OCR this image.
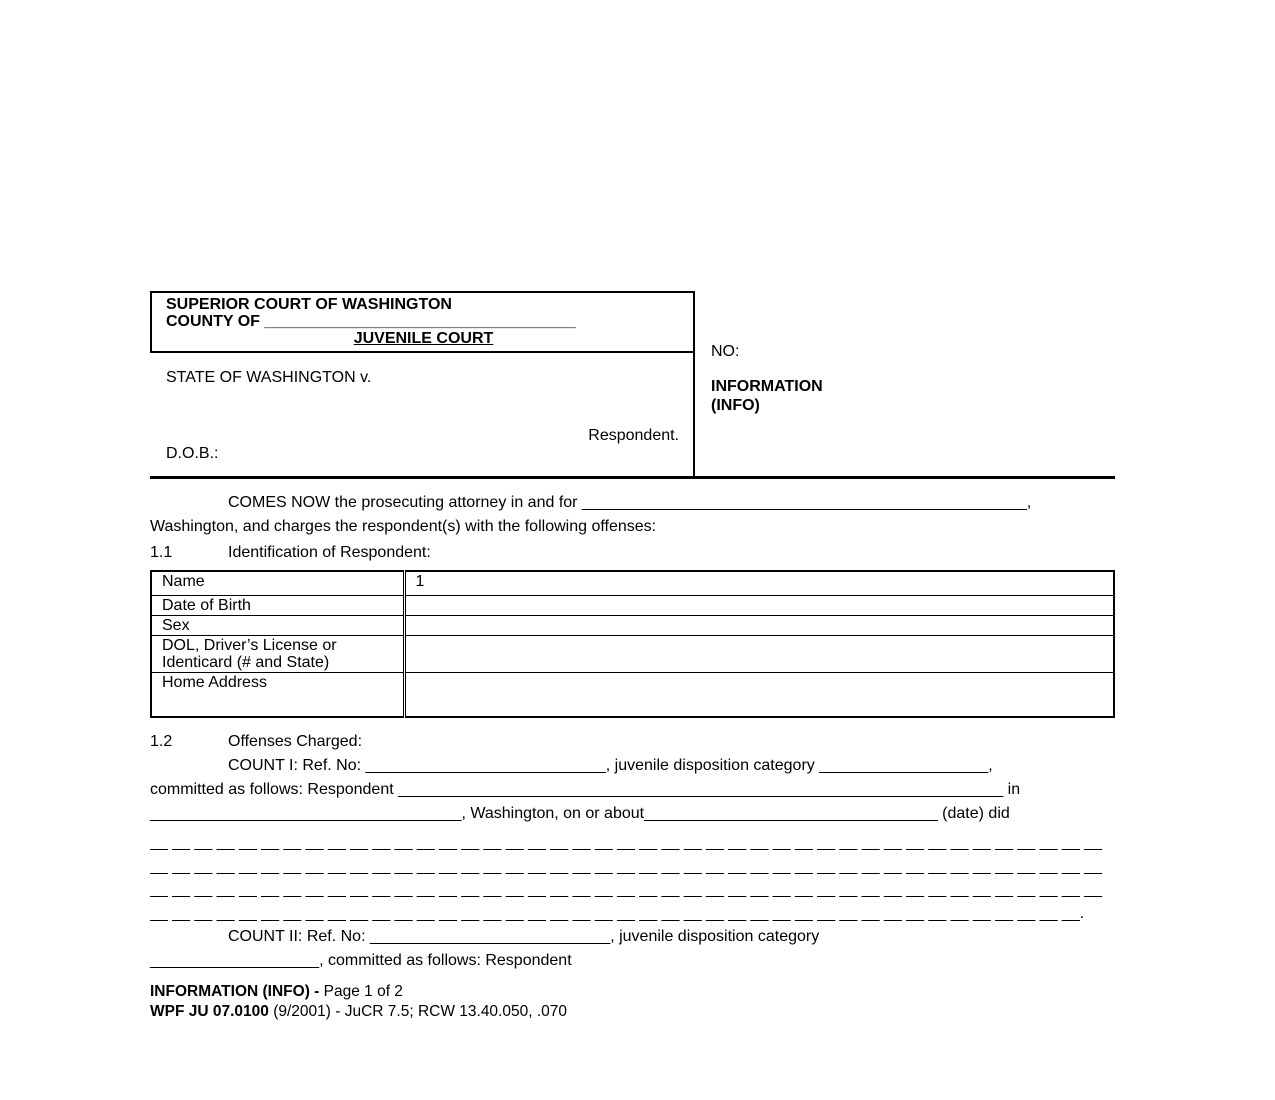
SUPERIOR COURT OF WASHINGTON
COUNTY OF ___________________________________
JUVENILE COURT
STATE OF WASHINGTON v.
Respondent.
D.O.B.:
NO:
INFORMATION
(INFO)
COMES NOW the prosecuting attorney in and for __________________________________________________,
Washington, and charges the respondent(s) with the following offenses:
1.1	Identification of Respondent:
Name	1
Date of Birth	
Sex	
DOL, Driver’s License or Identicard (# and State)	
Home Address	
1.2	Offenses Charged:
COUNT I: Ref. No: ___________________________, juvenile disposition category ___________________,
committed as follows: Respondent ____________________________________________________________________ in
___________________________________, Washington, on or about_________________________________ (date) did
__ __ __ __ __ __ __ __ __ __ __ __ __ __ __ __ __ __ __ __ __ __ __ __ __ __ __ __ __ __ __ __ __ __ __ __ __ __ __ __ __ __ __
__ __ __ __ __ __ __ __ __ __ __ __ __ __ __ __ __ __ __ __ __ __ __ __ __ __ __ __ __ __ __ __ __ __ __ __ __ __ __ __ __ __ __
__ __ __ __ __ __ __ __ __ __ __ __ __ __ __ __ __ __ __ __ __ __ __ __ __ __ __ __ __ __ __ __ __ __ __ __ __ __ __ __ __ __ __
__ __ __ __ __ __ __ __ __ __ __ __ __ __ __ __ __ __ __ __ __ __ __ __ __ __ __ __ __ __ __ __ __ __ __ __ __ __ __ __ __ __.
COUNT II: Ref. No: ___________________________, juvenile disposition category
___________________, committed as follows: Respondent
INFORMATION (INFO) - Page 1 of 2
WPF JU 07.0100 (9/2001) - JuCR 7.5; RCW 13.40.050, .070
